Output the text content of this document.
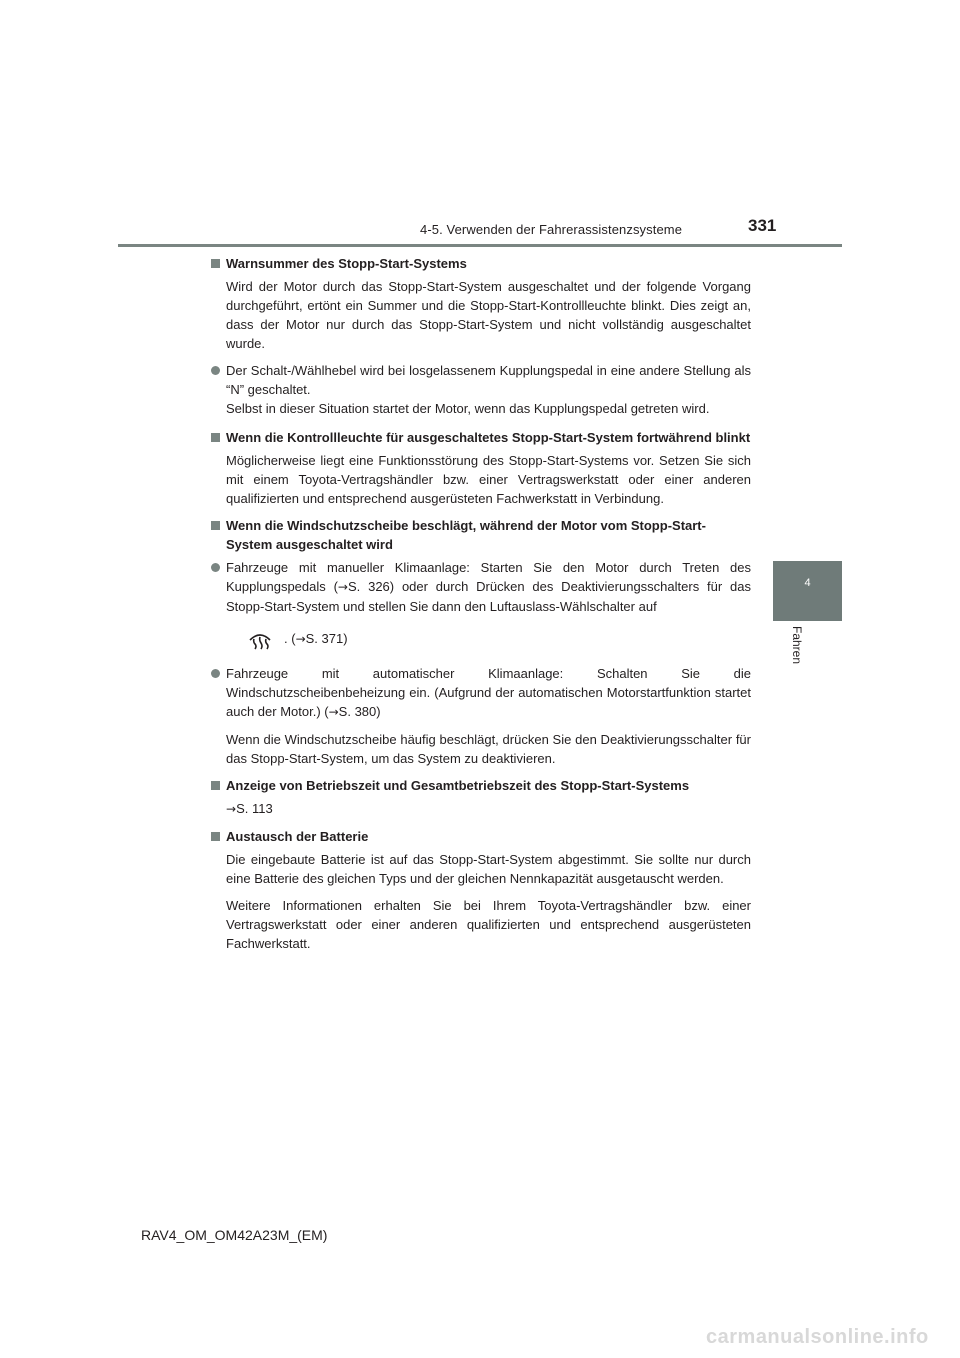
4-5. Verwenden der Fahrerassistenzsysteme	331
4
Fahren
Warnsummer des Stopp-Start-Systems
Wird der Motor durch das Stopp-Start-System ausgeschaltet und der folgende Vorgang durchgeführt, ertönt ein Summer und die Stopp-Start-Kontrollleuchte blinkt. Dies zeigt an, dass der Motor nur durch das Stopp-Start-System und nicht vollständig ausgeschaltet wurde.
Der Schalt-/Wählhebel wird bei losgelassenem Kupplungspedal in eine andere Stellung als “N” geschaltet.
Selbst in dieser Situation startet der Motor, wenn das Kupplungspedal getreten wird.
Wenn die Kontrollleuchte für ausgeschaltetes Stopp-Start-System fortwährend blinkt
Möglicherweise liegt eine Funktionsstörung des Stopp-Start-Systems vor. Setzen Sie sich mit einem Toyota-Vertragshändler bzw. einer Vertragswerkstatt oder einer anderen qualifizierten und entsprechend ausgerüsteten Fachwerkstatt in Verbindung.
Wenn die Windschutzscheibe beschlägt, während der Motor vom Stopp-Start-System ausgeschaltet wird
Fahrzeuge mit manueller Klimaanlage: Starten Sie den Motor durch Treten des Kupplungspedals (→S. 326) oder durch Drücken des Deaktivierungsschalters für das Stopp-Start-System und stellen Sie dann den Luftauslass-Wählschalter auf
. (→S. 371)
Fahrzeuge mit automatischer Klimaanlage: Schalten Sie die Windschutzscheibenbeheizung ein. (Aufgrund der automatischen Motorstartfunktion startet auch der Motor.) (→S. 380)
Wenn die Windschutzscheibe häufig beschlägt, drücken Sie den Deaktivierungsschalter für das Stopp-Start-System, um das System zu deaktivieren.
Anzeige von Betriebszeit und Gesamtbetriebszeit des Stopp-Start-Systems
→S. 113
Austausch der Batterie
Die eingebaute Batterie ist auf das Stopp-Start-System abgestimmt. Sie sollte nur durch eine Batterie des gleichen Typs und der gleichen Nennkapazität ausgetauscht werden.
Weitere Informationen erhalten Sie bei Ihrem Toyota-Vertragshändler bzw. einer Vertragswerkstatt oder einer anderen qualifizierten und entsprechend ausgerüsteten Fachwerkstatt.
RAV4_OM_OM42A23M_(EM)
carmanualsonline.info
